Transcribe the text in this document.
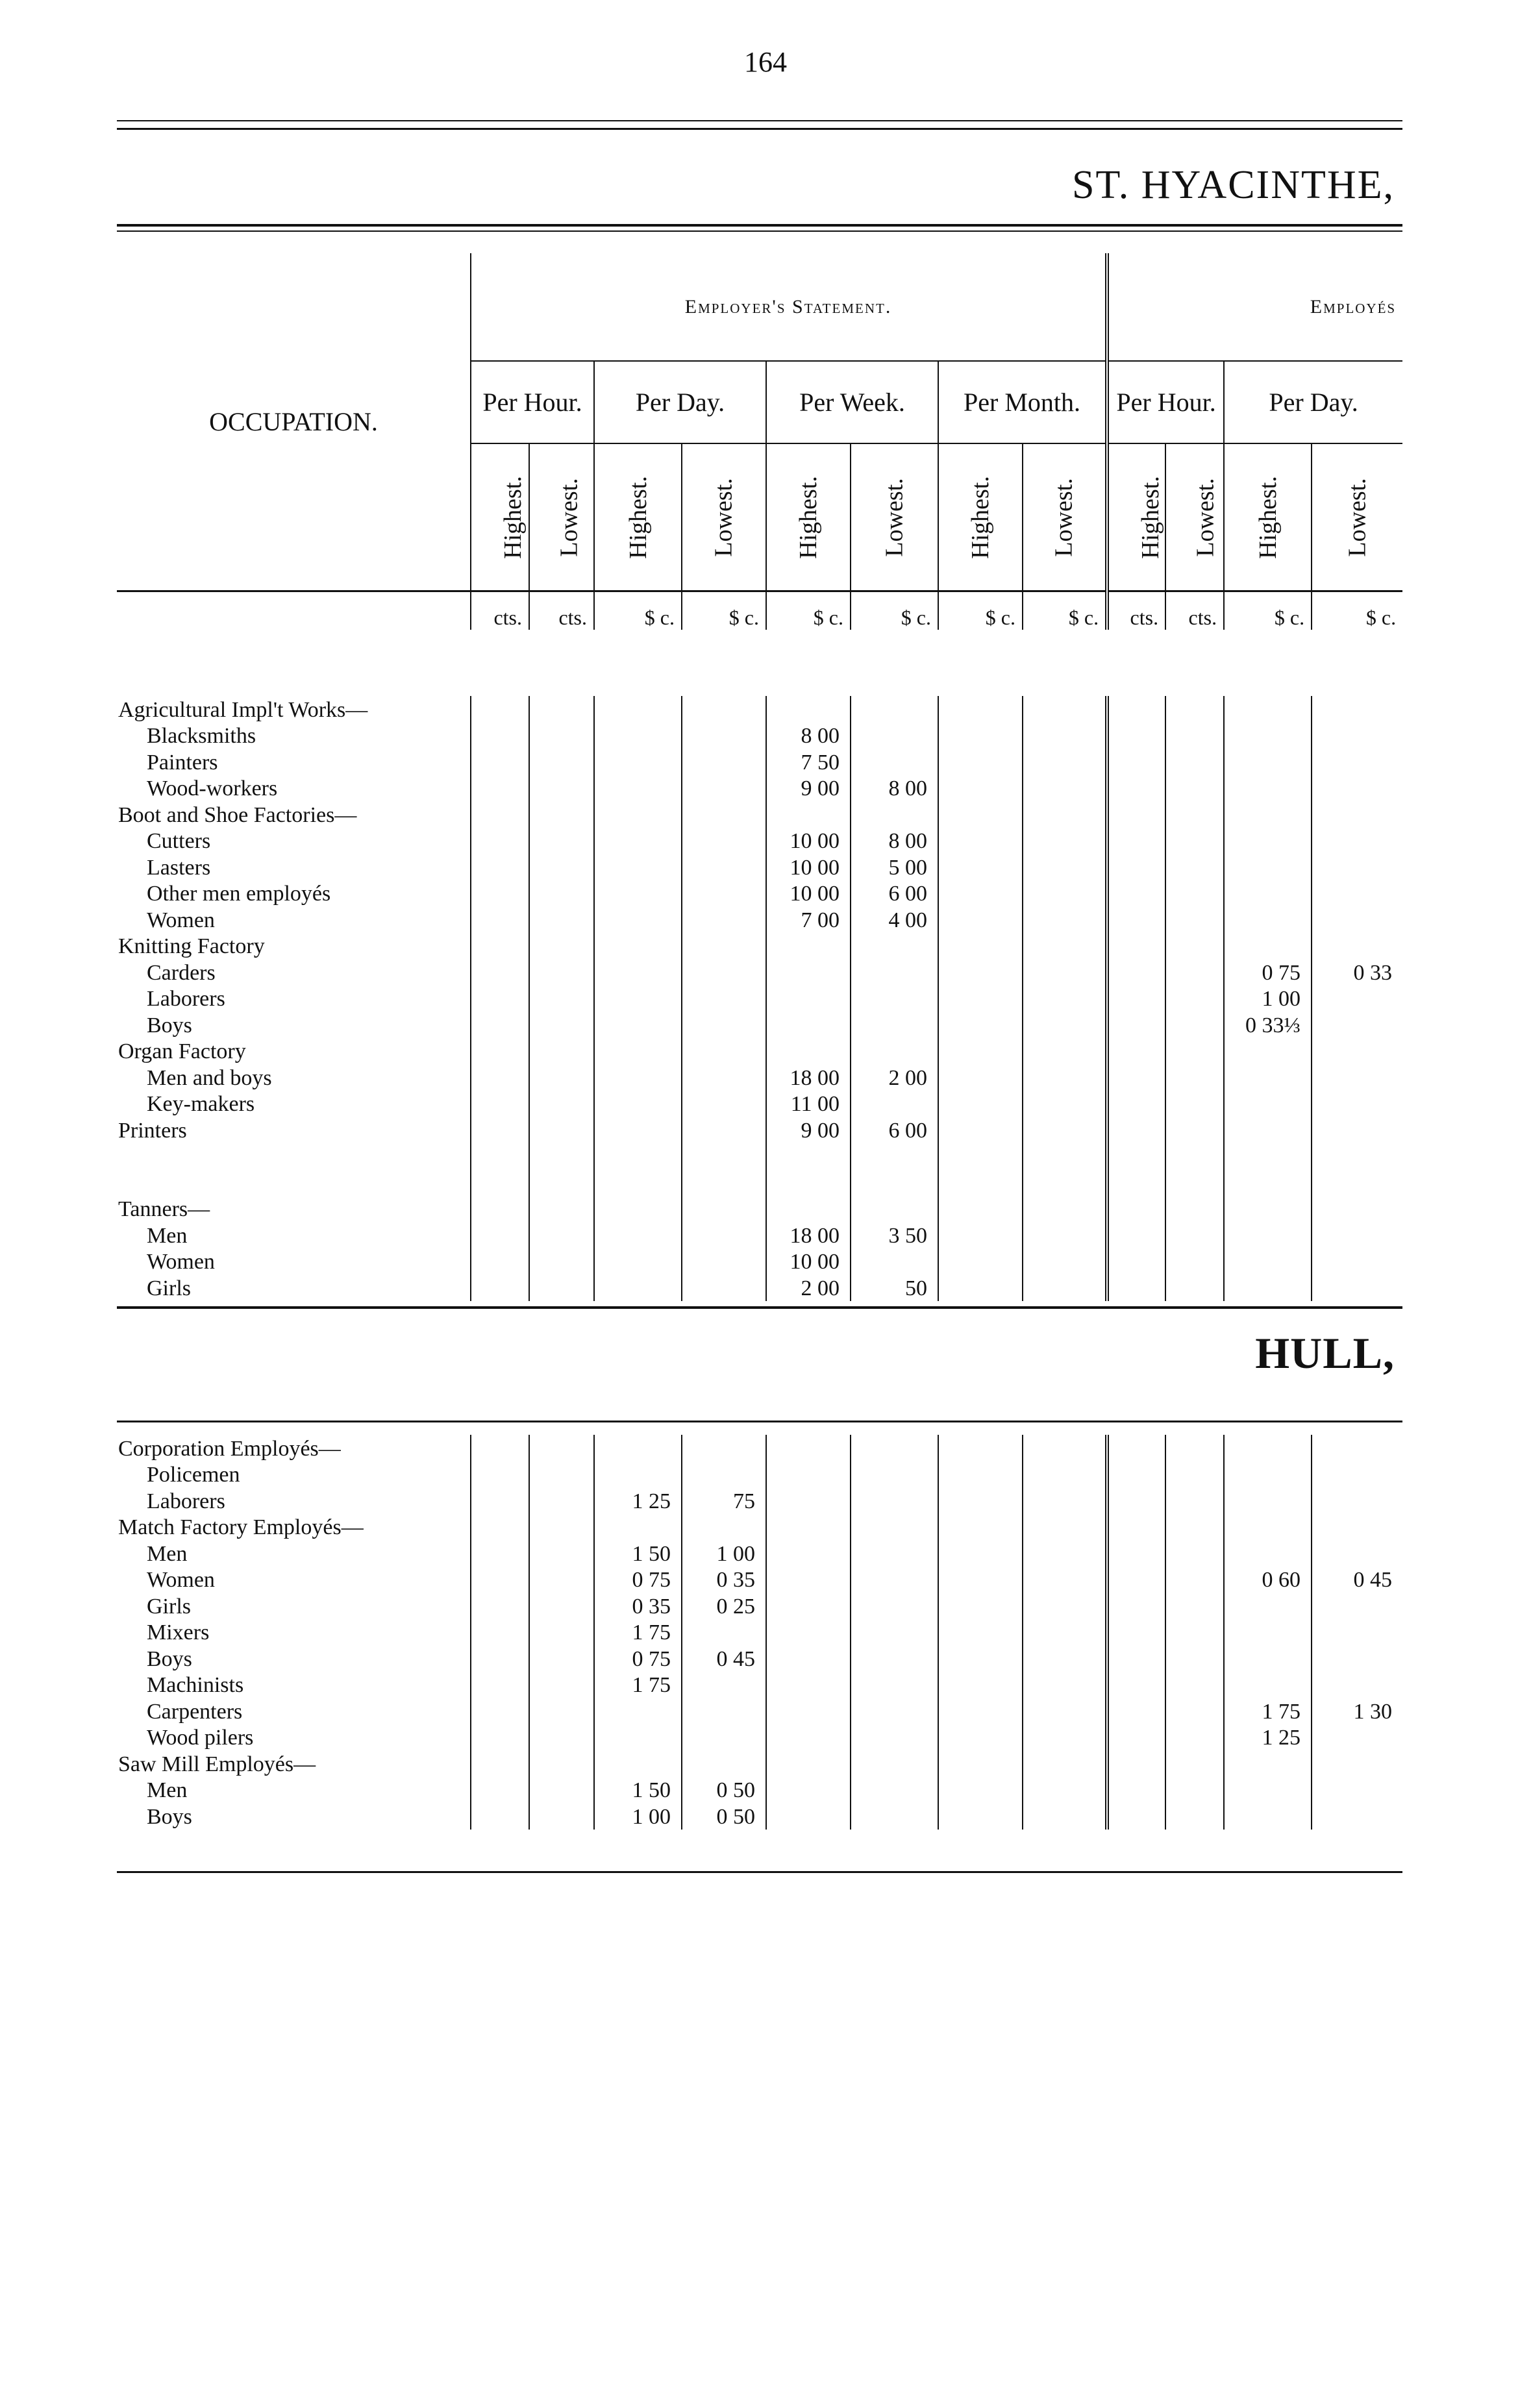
164
ST. HYACINTHE,
OCCUPATION.	Employer's Statement.								Employés			
	Per Hour.		Per Day.		Per Week.		Per Month.		Per Hour.		Per Day.	
	Highest.	Lowest.	Highest.	Lowest.	Highest.	Lowest.	Highest.	Lowest.	Highest.	Lowest.	Highest.	Lowest.
	cts.	cts.	$ c.	$ c.	$ c.	$ c.	$ c.	$ c.	cts.	cts.	$ c.	$ c.
Agricultural Impl't Works—												
Blacksmiths					8 00							
Painters					7 50							
Wood-workers					9 00	8 00						
Boot and Shoe Factories—												
Cutters					10 00	8 00						
Lasters					10 00	5 00						
Other men employés					10 00	6 00						
Women					7 00	4 00						
Knitting Factory												
Carders											0 75	0 33
Laborers											1 00	
Boys											0 33⅓	
Organ Factory												
Men and boys					18 00	2 00						
Key-makers					11 00							
Printers					9 00	6 00						

Tanners—												
Men					18 00	3 50						
Women					10 00							
Girls					2 00	50						
HULL,
Corporation Employés—												
Policemen												
Laborers			1 25	75								
Match Factory Employés—												
Men			1 50	1 00								
Women			0 75	0 35							0 60	0 45
Girls			0 35	0 25								
Mixers			1 75									
Boys			0 75	0 45								
Machinists			1 75									
Carpenters											1 75	1 30
Wood pilers											1 25	
Saw Mill Employés—												
Men			1 50	0 50								
Boys			1 00	0 50								
